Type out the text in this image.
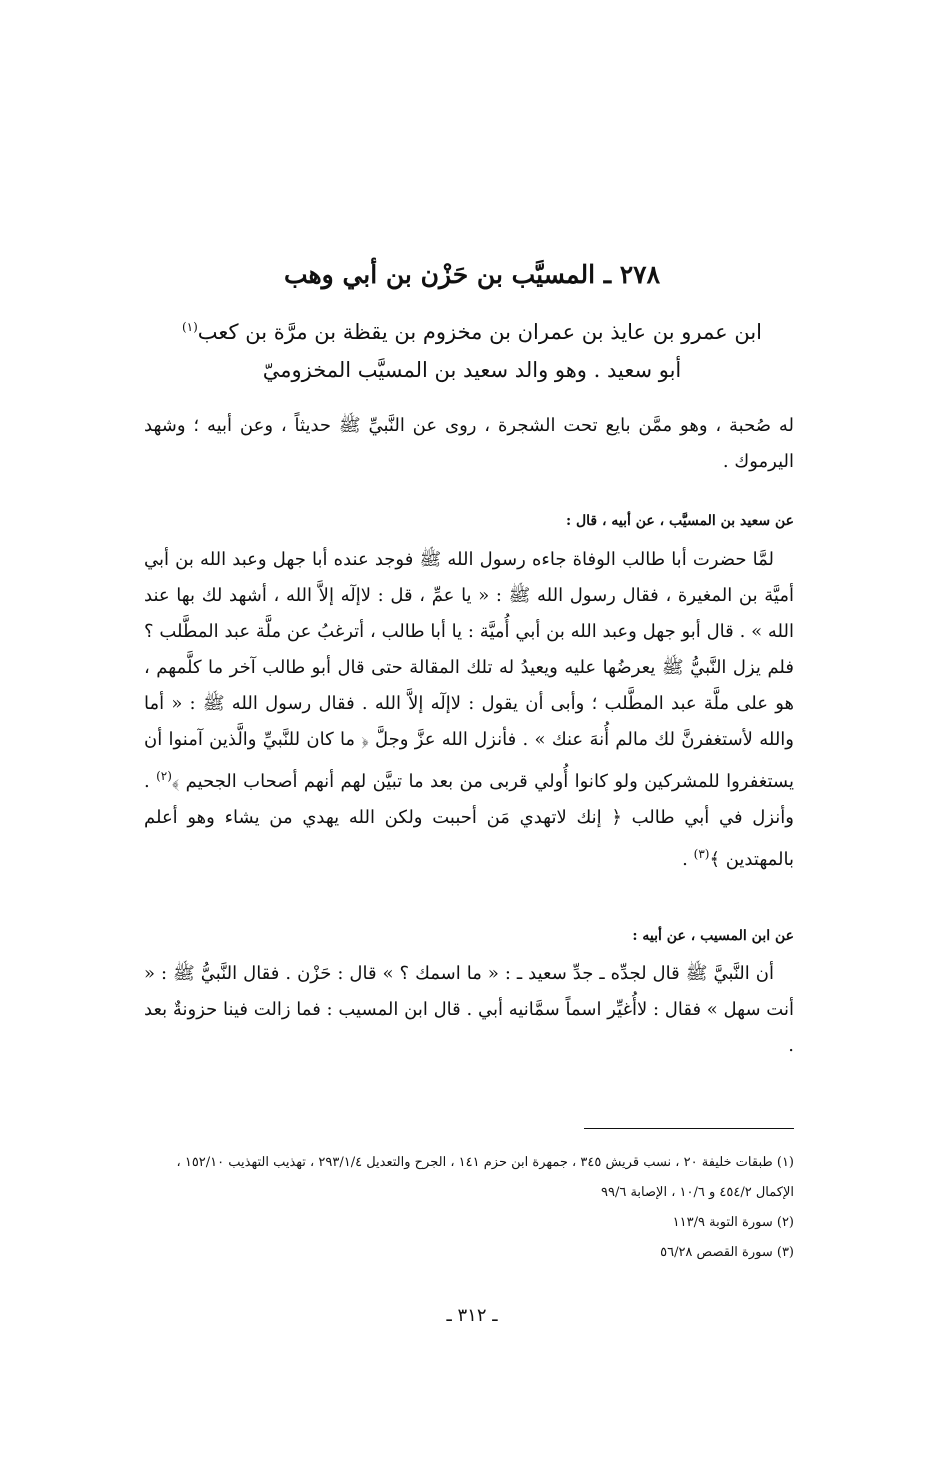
٢٧٨ ـ المسيَّب بن حَزْن بن أبي وهب
ابن عمرو بن عايذ بن عمران بن مخزوم بن يقظة بن مرَّة بن كعب$^{(١)}$
أبو سعيد . وهو والد سعيد بن المسيَّب المخزوميّ
له صُحبة ، وهو ممَّن بايع تحت الشجرة ، روى عن النَّبيِّ ﷺ حديثاً ، وعن أبيه ؛ وشهد اليرموك .
عن سعيد بن المسيَّب ، عن أبيه ، قال :
لمَّا حضرت أبا طالب الوفاة جاءه رسول الله ﷺ فوجد عنده أبا جهل وعبد الله بن أبي أميَّة بن المغيرة ، فقال رسول الله ﷺ : « يا عمِّ ، قل : لاإلٓه إلاَّ الله ، أشهد لك بها عند الله » . قال أبو جهل وعبد الله بن أبي أُميَّة : يا أبا طالب ، أترغبُ عن ملَّة عبد المطَّلب ؟ فلم يزل النَّبيُّ ﷺ يعرضُها عليه ويعيدُ له تلك المقالة حتى قال أبو طالب آخر ما كلَّمهم ، هو على ملَّة عبد المطَّلب ؛ وأبى أن يقول : لاإلٓه إلاَّ الله . فقال رسول الله ﷺ : « أما والله لأستغفرنَّ لك مالم أُنهَ عنك » . فأنزل الله عزَّ وجلَّ ﴿ ما كان للنَّبيِّ والَّذين آمنوا أن يستغفروا للمشركين ولو كانوا أُولي قربى من بعد ما تبيَّن لهم أنهم أصحاب الجحيم ﴾$^{(٢)}$ . وأنزل في أبي طالب ﴿ إنك لاتهدي مَن أحببت ولكن الله يهدي من يشاء وهو أعلم بالمهتدين ﴾$^{(٣)}$ .
عن ابن المسيب ، عن أبيه :
أن النَّبيَّ ﷺ قال لجدِّه ـ جدِّ سعيد ـ : « ما اسمك ؟ » قال : حَزْن . فقال النَّبيُّ ﷺ : « أنت سهل » فقال : لاأُغيِّر اسماً سمَّانيه أبي . قال ابن المسيب : فما زالت فينا حزونةٌ بعد .

(١) طبقات خليفة ٢٠ ، نسب قريش ٣٤٥ ، جمهرة ابن حزم ١٤١ ، الجرح والتعديل ٢٩٣/١/٤ ، تهذيب التهذيب ١٥٢/١٠ ، الإكمال ٤٥٤/٢ و ١٠/٦ ، الإصابة ٩٩/٦

(٢) سورة التوبة ١١٣/٩

(٣) سورة القصص ٥٦/٢٨

ـ ٣١٢ ـ
